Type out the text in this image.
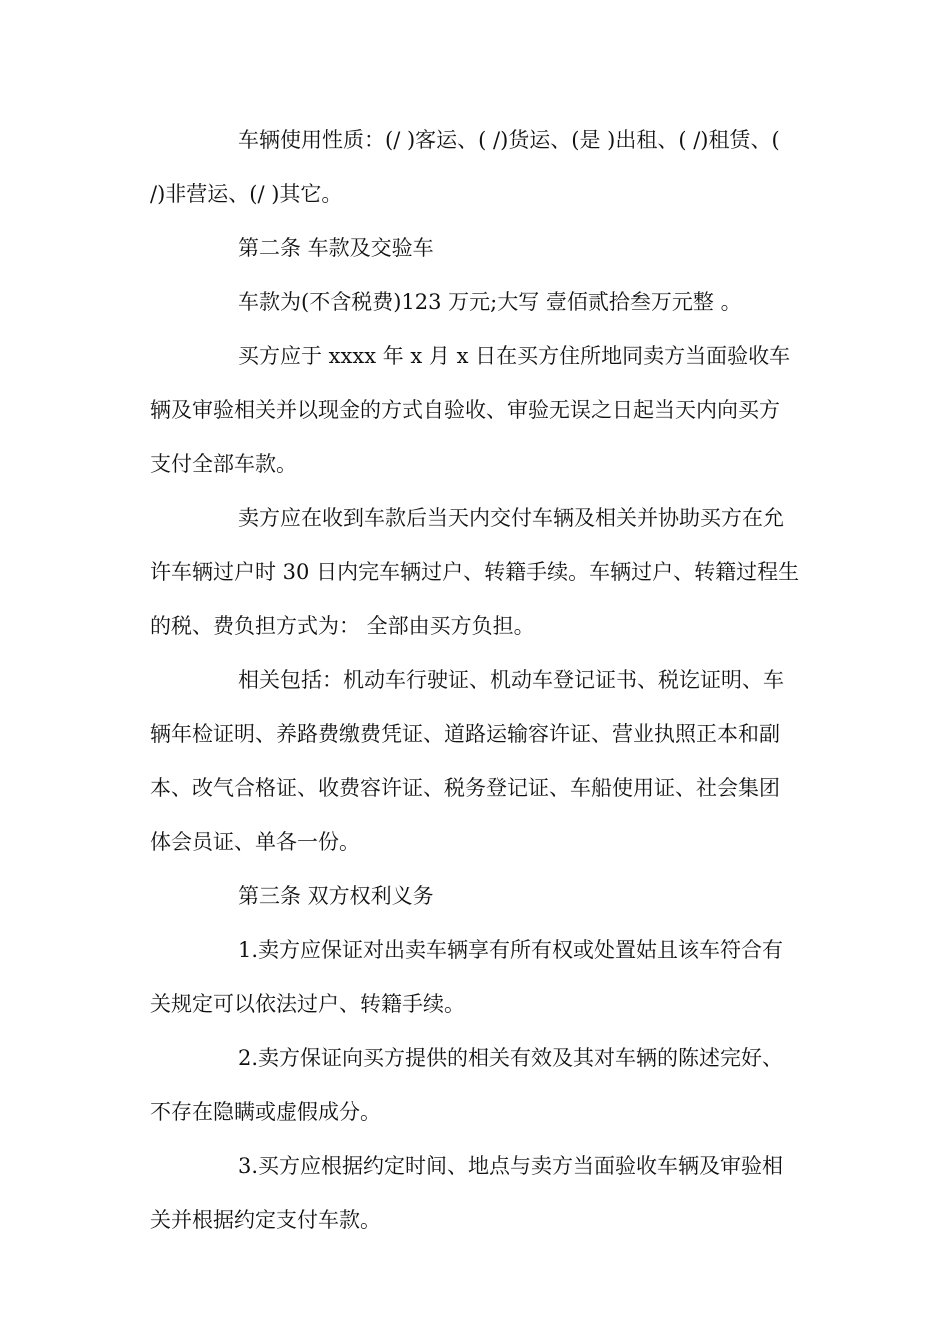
车辆使用性质：(/ )客运、( /)货运、(是 )出租、( /)租赁、( /)非营运、(/ )其它。

第二条 车款及交验车

车款为(不含税费)123 万元;大写 壹佰贰拾叁万元整 。

买方应于 xxxx 年 x 月 x 日在买方住所地同卖方当面验收车辆及审验相关并以现金的方式自验收、审验无误之日起当天内向买方支付全部车款。

卖方应在收到车款后当天内交付车辆及相关并协助买方在允许车辆过户时 30 日内完车辆过户、转籍手续。车辆过户、转籍过程生的税、费负担方式为： 全部由买方负担。

相关包括：机动车行驶证、机动车登记证书、税讫证明、车辆年检证明、养路费缴费凭证、道路运输容许证、营业执照正本和副本、改气合格证、收费容许证、税务登记证、车船使用证、社会集团体会员证、单各一份。

第三条 双方权利义务

1.卖方应保证对出卖车辆享有所有权或处置姑且该车符合有关规定可以依法过户、转籍手续。

2.卖方保证向买方提供的相关有效及其对车辆的陈述完好、不存在隐瞒或虚假成分。

3.买方应根据约定时间、地点与卖方当面验收车辆及审验相关并根据约定支付车款。
